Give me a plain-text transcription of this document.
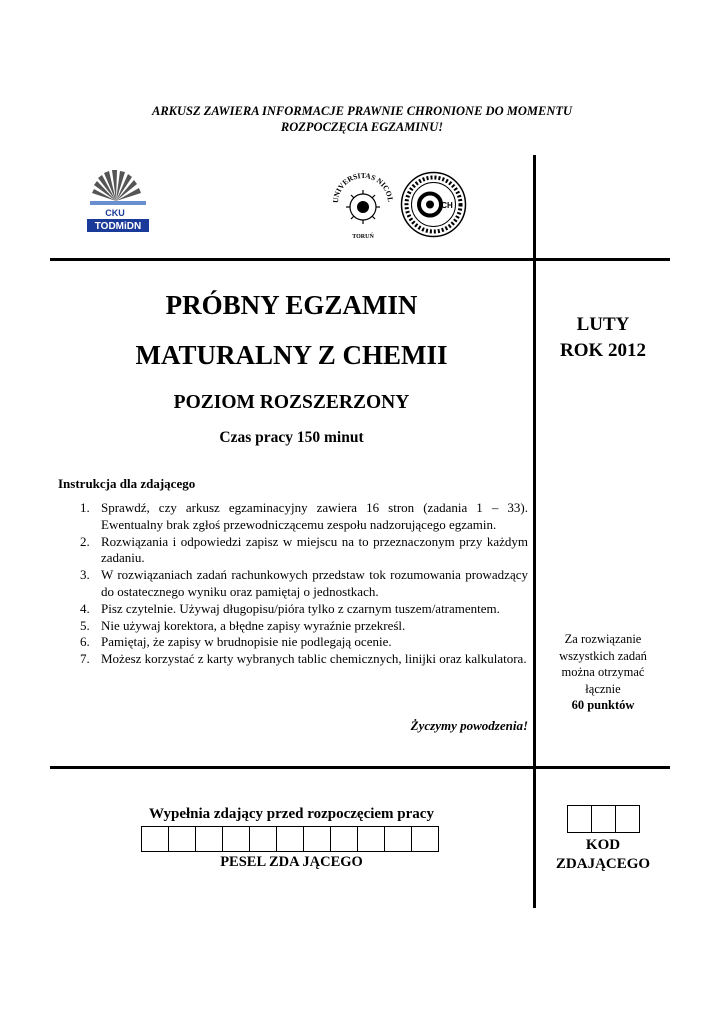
ARKUSZ ZAWIERA INFORMACJE PRAWNIE CHRONIONE DO MOMENTU
ROZPOCZĘCIA EGZAMINU!
CKU
TODMiDN
UNIVERSITAS NICOL
TORUŃ
CH
PRÓBNY EGZAMIN
MATURALNY Z CHEMII
POZIOM ROZSZERZONY
Czas pracy 150 minut
LUTY
ROK 2012
Instrukcja dla zdającego
1. Sprawdź, czy arkusz egzaminacyjny zawiera 16 stron (zadania 1 – 33). Ewentualny brak zgłoś przewodniczącemu zespołu nadzorującego egzamin.
2. Rozwiązania i odpowiedzi zapisz w miejscu na to przeznaczonym przy każdym zadaniu.
3. W rozwiązaniach zadań rachunkowych przedstaw tok rozumowania prowadzący do ostatecznego wyniku oraz pamiętaj o jednostkach.
4. Pisz czytelnie. Używaj długopisu/pióra tylko z czarnym tuszem/atramentem.
5. Nie używaj korektora, a błędne zapisy wyraźnie przekreśl.
6. Pamiętaj, że zapisy w brudnopisie nie podlegają ocenie.
7. Możesz korzystać z karty wybranych tablic chemicznych, linijki oraz kalkulatora.
Życzymy powodzenia!
Za rozwiązanie
wszystkich zadań
można otrzymać
łącznie
60 punktów
Wypełnia zdający przed rozpoczęciem pracy
PESEL ZDA JĄCEGO
KOD
ZDAJĄCEGO
